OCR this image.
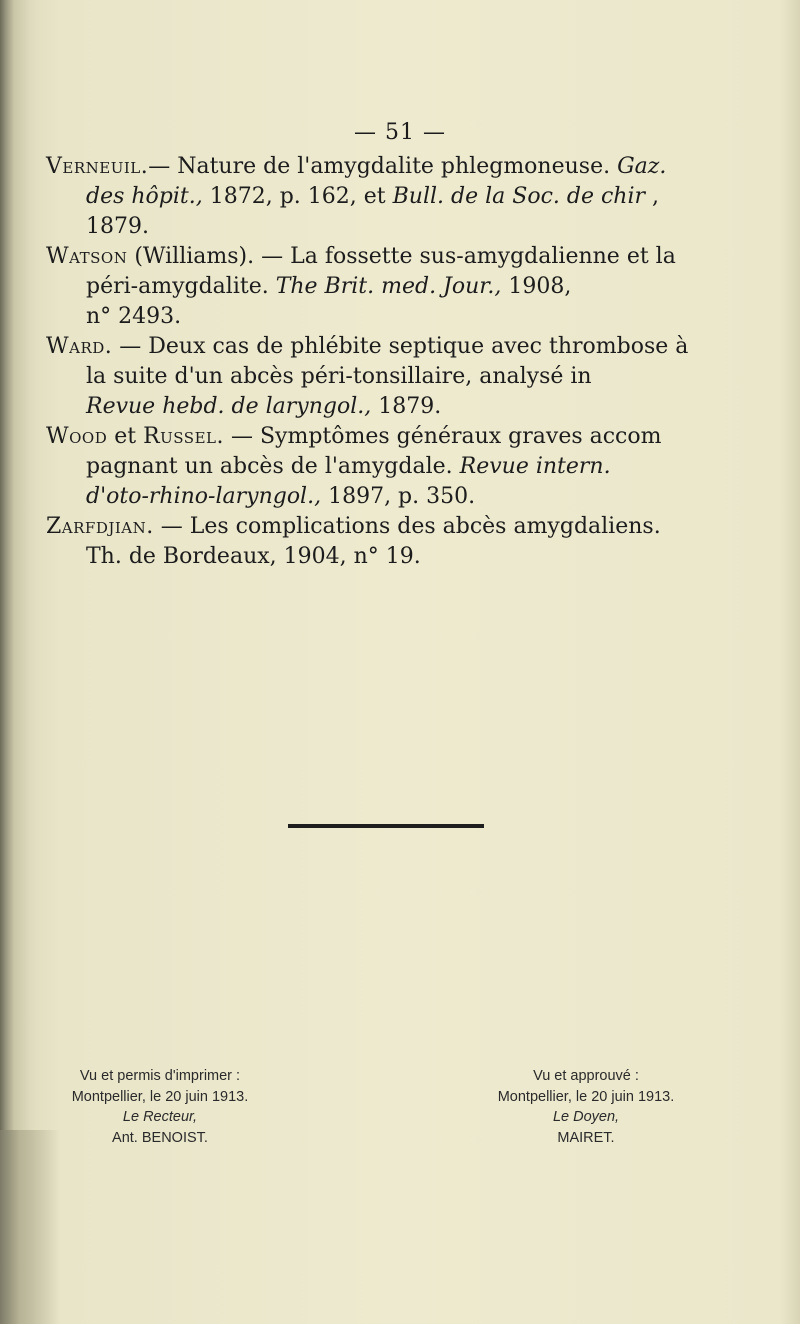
— 51 —

Verneuil.— Nature de l'amygdalite phlegmoneuse. Gaz.
des hôpit., 1872, p. 162, et Bull. de la Soc. de chir ,
1879.

Watson (Williams). — La fossette sus-amygdalienne et la
péri-amygdalite. The Brit. med. Jour., 1908,
n° 2493.

Ward. — Deux cas de phlébite septique avec thrombose à
la suite d'un abcès péri-tonsillaire, analysé in
Revue hebd. de laryngol., 1879.

Wood et Russel. — Symptômes généraux graves accom
pagnant un abcès de l'amygdale. Revue intern.
d'oto-rhino-laryngol., 1897, p. 350.

Zarfdjian. — Les complications des abcès amygdaliens.
Th. de Bordeaux, 1904, n° 19.

Vu et permis d'imprimer :
Montpellier, le 20 juin 1913.
Le Recteur,
Ant. BENOIST.
Vu et approuvé :
Montpellier, le 20 juin 1913.
Le Doyen,
MAIRET.
